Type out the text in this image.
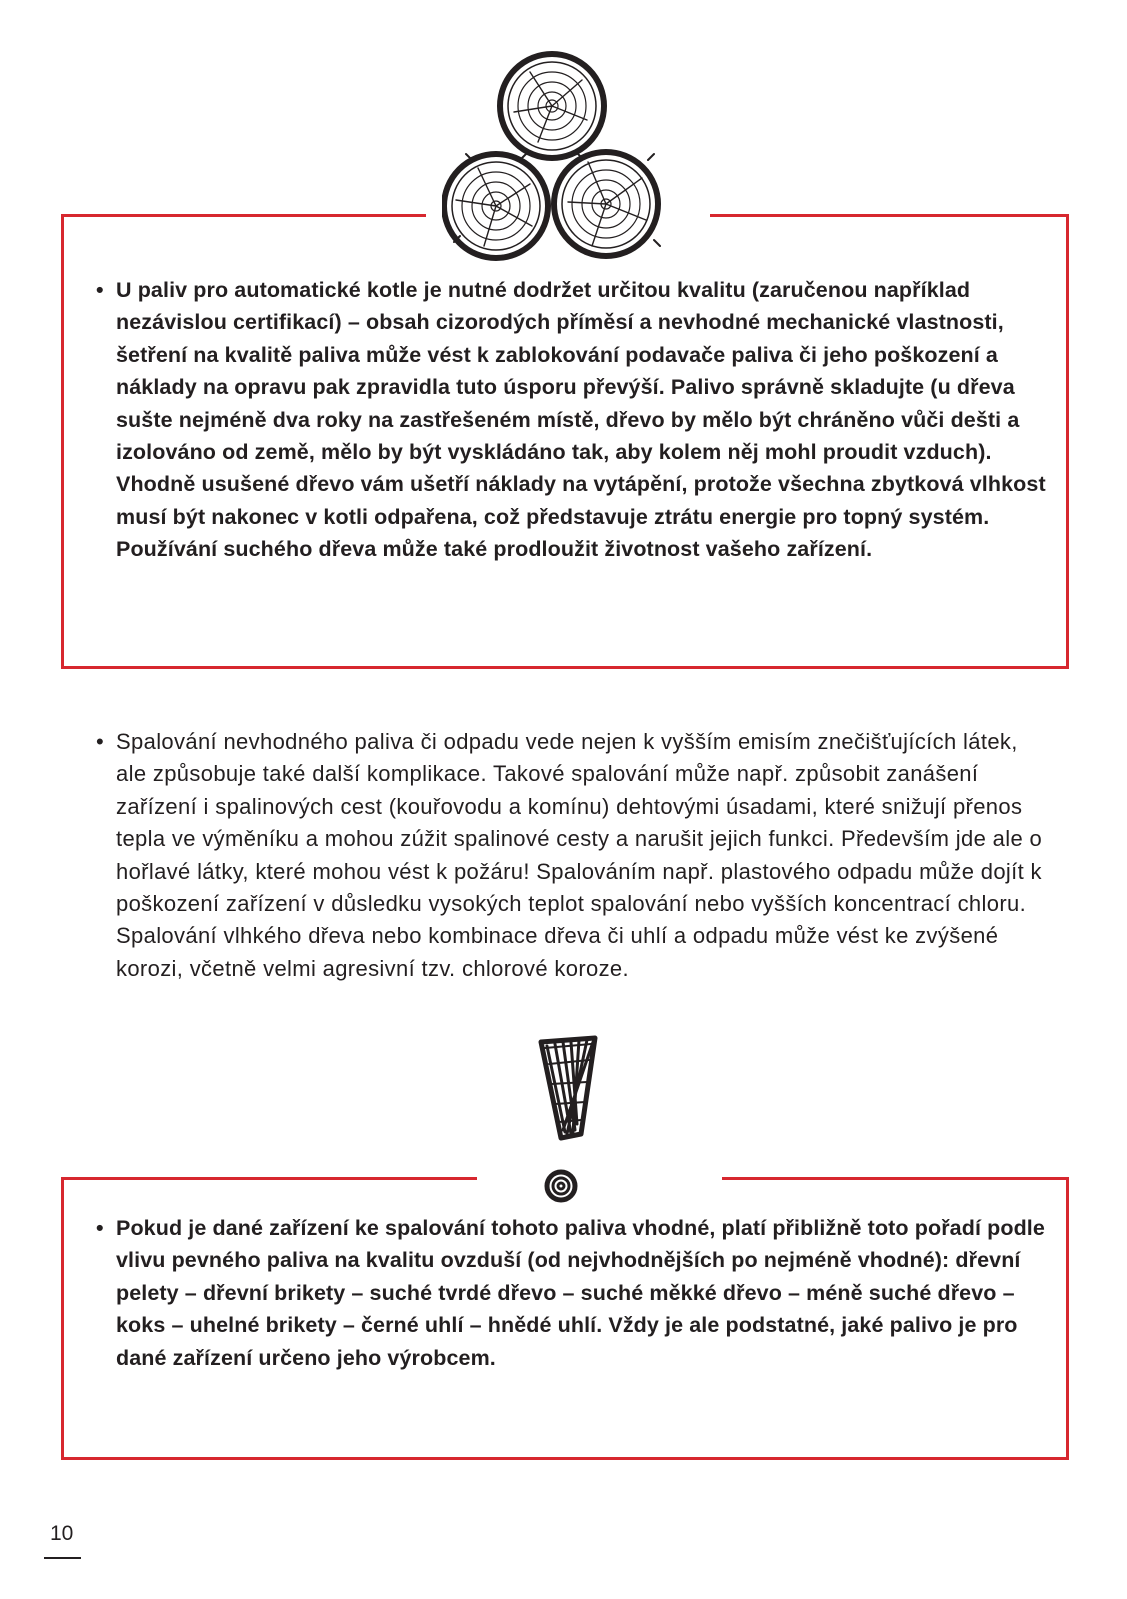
• U paliv pro automatické kotle je nutné dodržet určitou kvalitu (zaručenou například nezávislou certifikací) – obsah cizorodých příměsí a nevhodné mechanické vlastnosti, šetření na kvalitě paliva může vést k zablokování podavače paliva či jeho poškození a náklady na opravu pak zpravidla tuto úsporu převýší. Palivo správně skladujte (u dřeva sušte nejméně dva roky na zastřešeném místě, dřevo by mělo být chráněno vůči dešti a izolováno od země, mělo by být vyskládáno tak, aby kolem něj mohl proudit vzduch). Vhodně usušené dřevo vám ušetří náklady na vytápění, protože všechna zbytková vlhkost musí být nakonec v kotli odpařena, což představuje ztrátu energie pro topný systém. Používání suchého dřeva může také prodloužit životnost vašeho zařízení.
• Spalování nevhodného paliva či odpadu vede nejen k vyšším emisím znečišťujících látek, ale způsobuje také další komplikace. Takové spalování může např. způsobit zanášení zařízení i spalinových cest (kouřovodu a komínu) dehtovými úsadami, které snižují přenos tepla ve výměníku a mohou zúžit spalinové cesty a narušit jejich funkci. Především jde ale o hořlavé látky, které mohou vést k požáru! Spalováním např. plastového odpadu může dojít k poškození zařízení v důsledku vysokých teplot spalování nebo vyšších koncentrací chloru. Spalování vlhkého dřeva nebo kombinace dřeva či uhlí a odpadu může vést ke zvýšené korozi, včetně velmi agresivní tzv. chlorové koroze.
• Pokud je dané zařízení ke spalování tohoto paliva vhodné, platí přibližně toto pořadí podle vlivu pevného paliva na kvalitu ovzduší (od nejvhodnějších po nejméně vhodné): dřevní pelety – dřevní brikety – suché tvrdé dřevo – suché měkké dřevo – méně suché dřevo – koks – uhelné brikety – černé uhlí – hnědé uhlí. Vždy je ale podstatné, jaké palivo je pro dané zařízení určeno jeho výrobcem.
10
